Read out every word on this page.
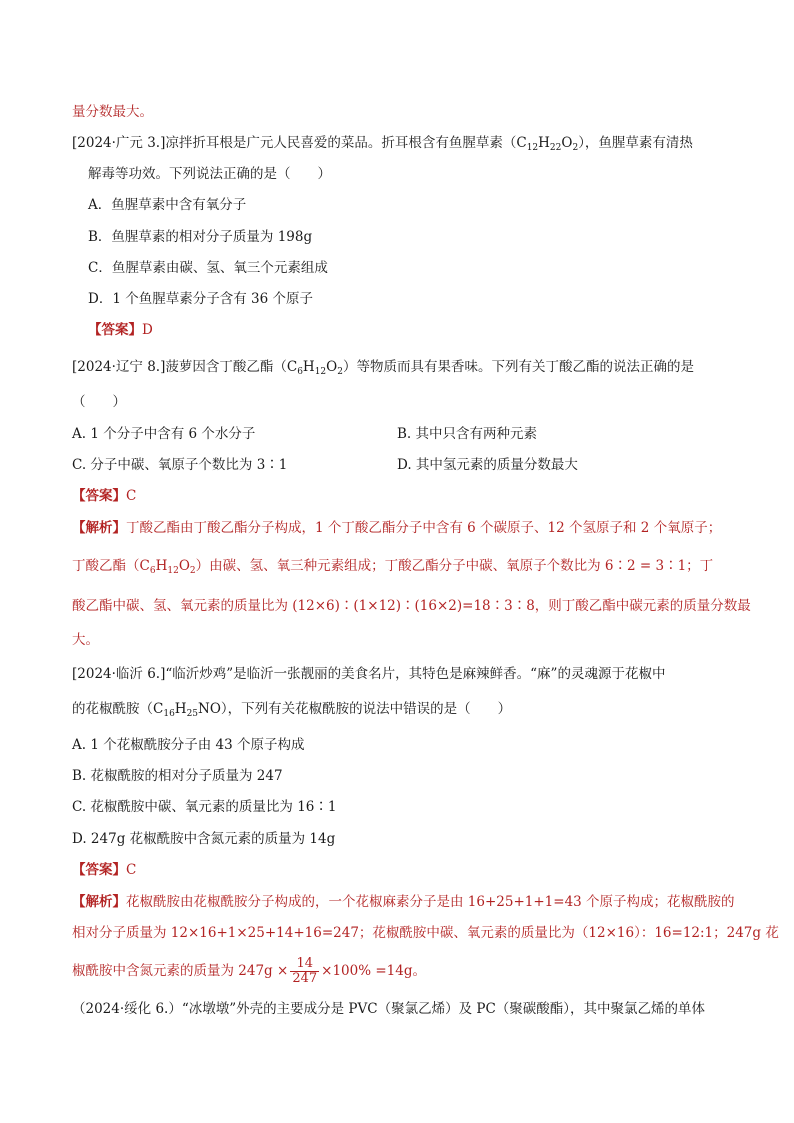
量分数最大。
[2024·广元 3.]凉拌折耳根是广元人民喜爱的菜品。折耳根含有鱼腥草素$(C_{12}H_{22}O_2)$，鱼腥草素有清热
解毒等功效。下列说法正确的是（　　）
A．鱼腥草素中含有氧分子
B．鱼腥草素的相对分子质量为 198g
C．鱼腥草素由碳、氢、氧三个元素组成
D．1 个鱼腥草素分子含有 36 个原子
【答案】D
[2024·辽宁 8.]菠萝因含丁酸乙酯$(C_6H_{12}O_2)$等物质而具有果香味。下列有关丁酸乙酯的说法正确的是
（　　）
A. 1 个分子中含有 6 个水分子	B. 其中只含有两种元素
C. 分子中碳、氧原子个数比为 3∶1	D. 其中氢元素的质量分数最大
【答案】C
【解析】丁酸乙酯由丁酸乙酯分子构成，1 个丁酸乙酯分子中含有 6 个碳原子、12 个氢原子和 2 个氧原子；
丁酸乙酯$(C_6H_{12}O_2)$由碳、氢、氧三种元素组成；丁酸乙酯分子中碳、氧原子个数比为 6∶2 = 3∶1；丁
酸乙酯中碳、氢、氧元素的质量比为 (12×6)∶(1×12)∶(16×2)=18∶3∶8，则丁酸乙酯中碳元素的质量分数最
大。
[2024·临沂 6.]“临沂炒鸡”是临沂一张靓丽的美食名片，其特色是麻辣鲜香。“麻”的灵魂源于花椒中
的花椒酰胺$(C_{16}H_{25}NO)$，下列有关花椒酰胺的说法中错误的是（　　）
A. 1 个花椒酰胺分子由 43 个原子构成
B. 花椒酰胺的相对分子质量为 247
C. 花椒酰胺中碳、氧元素的质量比为 16∶1
D. 247g 花椒酰胺中含氮元素的质量为 14g
【答案】C
【解析】花椒酰胺由花椒酰胺分子构成的，一个花椒麻素分子是由 16+25+1+1=43 个原子构成；花椒酰胺的
相对分子质量为 12×16+1×25+14+16=247；花椒酰胺中碳、氧元素的质量比为（12×16）：16=12:1；247g 花
椒酰胺中含氮元素的质量为 $247g \times \frac{14}{247} \times 100\% =14g$。
（2024·绥化 6.）“冰墩墩”外壳的主要成分是 PVC（聚氯乙烯）及 PC（聚碳酸酯），其中聚氯乙烯的单体
